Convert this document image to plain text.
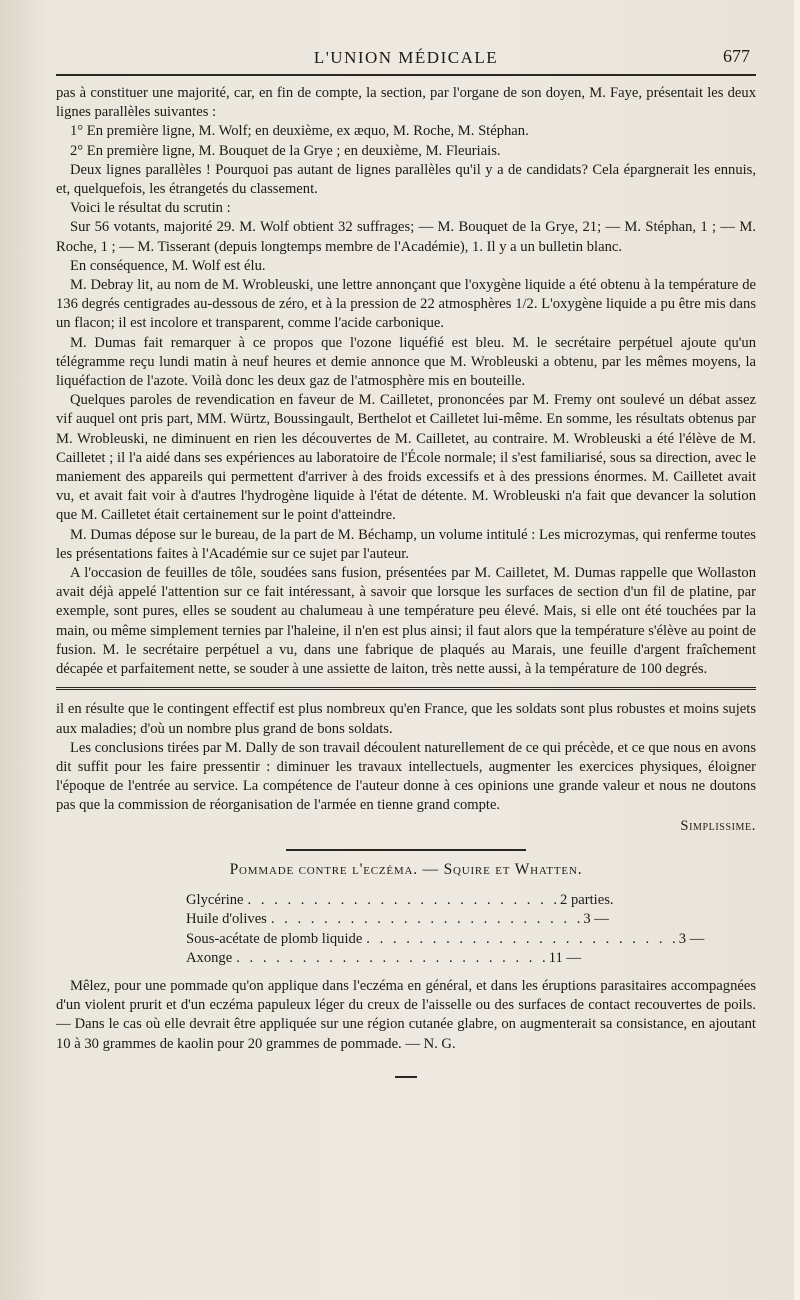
L'UNION MÉDICALE	677

pas à constituer une majorité, car, en fin de compte, la section, par l'organe de son doyen, M. Faye, présentait les deux lignes parallèles suivantes :

1° En première ligne, M. Wolf; en deuxième, ex æquo, M. Roche, M. Stéphan.

2° En première ligne, M. Bouquet de la Grye ; en deuxième, M. Fleuriais.

Deux lignes parallèles ! Pourquoi pas autant de lignes parallèles qu'il y a de candidats? Cela épargnerait les ennuis, et, quelquefois, les étrangetés du classement.

Voici le résultat du scrutin :

Sur 56 votants, majorité 29. M. Wolf obtient 32 suffrages; — M. Bouquet de la Grye, 21; — M. Stéphan, 1 ; — M. Roche, 1 ; — M. Tisserant (depuis longtemps membre de l'Académie), 1. Il y a un bulletin blanc.

En conséquence, M. Wolf est élu.

M. Debray lit, au nom de M. Wrobleuski, une lettre annonçant que l'oxygène liquide a été obtenu à la température de 136 degrés centigrades au-dessous de zéro, et à la pression de 22 atmosphères 1/2. L'oxygène liquide a pu être mis dans un flacon; il est incolore et transparent, comme l'acide carbonique.

M. Dumas fait remarquer à ce propos que l'ozone liquéfié est bleu. M. le secrétaire perpétuel ajoute qu'un télégramme reçu lundi matin à neuf heures et demie annonce que M. Wrobleuski a obtenu, par les mêmes moyens, la liquéfaction de l'azote. Voilà donc les deux gaz de l'atmosphère mis en bouteille.

Quelques paroles de revendication en faveur de M. Cailletet, prononcées par M. Fremy ont soulevé un débat assez vif auquel ont pris part, MM. Würtz, Boussingault, Berthelot et Cailletet lui-même. En somme, les résultats obtenus par M. Wrobleuski, ne diminuent en rien les découvertes de M. Cailletet, au contraire. M. Wrobleuski a été l'élève de M. Cailletet ; il l'a aidé dans ses expériences au laboratoire de l'École normale; il s'est familiarisé, sous sa direction, avec le maniement des appareils qui permettent d'arriver à des froids excessifs et à des pressions énormes. M. Cailletet avait vu, et avait fait voir à d'autres l'hydrogène liquide à l'état de détente. M. Wrobleuski n'a fait que devancer la solution que M. Cailletet était certainement sur le point d'atteindre.

M. Dumas dépose sur le bureau, de la part de M. Béchamp, un volume intitulé : Les microzymas, qui renferme toutes les présentations faites à l'Académie sur ce sujet par l'auteur.

A l'occasion de feuilles de tôle, soudées sans fusion, présentées par M. Cailletet, M. Dumas rappelle que Wollaston avait déjà appelé l'attention sur ce fait intéressant, à savoir que lorsque les surfaces de section d'un fil de platine, par exemple, sont pures, elles se soudent au chalumeau à une température peu élevé. Mais, si elle ont été touchées par la main, ou même simplement ternies par l'haleine, il n'en est plus ainsi; il faut alors que la température s'élève au point de fusion. M. le secrétaire perpétuel a vu, dans une fabrique de plaqués au Marais, une feuille d'argent fraîchement décapée et parfaitement nette, se souder à une assiette de laiton, très nette aussi, à la température de 100 degrés.

il en résulte que le contingent effectif est plus nombreux qu'en France, que les soldats sont plus robustes et moins sujets aux maladies; d'où un nombre plus grand de bons soldats.

Les conclusions tirées par M. Dally de son travail découlent naturellement de ce qui précède, et ce que nous en avons dit suffit pour les faire pressentir : diminuer les travaux intellectuels, augmenter les exercices physiques, éloigner l'époque de l'entrée au service. La compétence de l'auteur donne à ces opinions une grande valeur et nous ne doutons pas que la commission de réorganisation de l'armée en tienne grand compte.

Simplissime.
Pommade contre l'eczéma. — Squire et Whatten.
Glycérine . . . . . . . . . . . . . . . . . . . . . . . . 2 parties.
Huile d'olives . . . . . . . . . . . . . . . . . . . . . . . . 3 —
Sous-acétate de plomb liquide . . . . . . . . . . . . . . . . . . . . . . . . 3 —
Axonge . . . . . . . . . . . . . . . . . . . . . . . . 11 —

Mêlez, pour une pommade qu'on applique dans l'eczéma en général, et dans les éruptions parasitaires accompagnées d'un violent prurit et d'un eczéma papuleux léger du creux de l'aisselle ou des surfaces de contact recouvertes de poils. — Dans le cas où elle devrait être appliquée sur une région cutanée glabre, on augmenterait sa consistance, en ajoutant 10 à 30 grammes de kaolin pour 20 grammes de pommade. — N. G.
